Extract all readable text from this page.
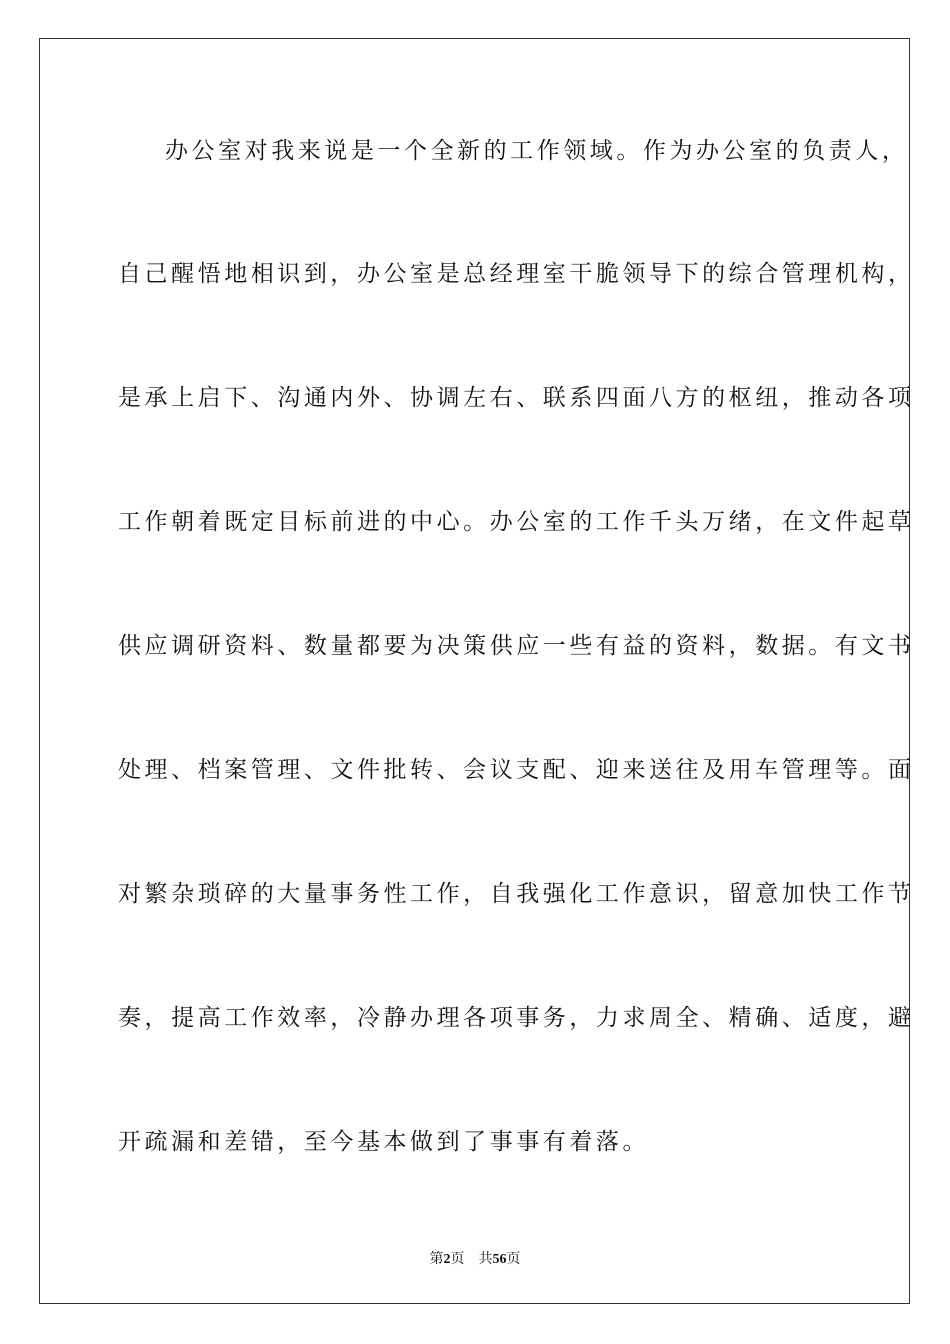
办公室对我来说是一个全新的工作领域。作为办公室的负责人，
自己醒悟地相识到，办公室是总经理室干脆领导下的综合管理机构，
是承上启下、沟通内外、协调左右、联系四面八方的枢纽，推动各项
工作朝着既定目标前进的中心。办公室的工作千头万绪，在文件起草
供应调研资料、数量都要为决策供应一些有益的资料，数据。有文书
处理、档案管理、文件批转、会议支配、迎来送往及用车管理等。面
对繁杂琐碎的大量事务性工作，自我强化工作意识，留意加快工作节
奏，提高工作效率，冷静办理各项事务，力求周全、精确、适度，避
开疏漏和差错，至今基本做到了事事有着落。
第2页 共56页
